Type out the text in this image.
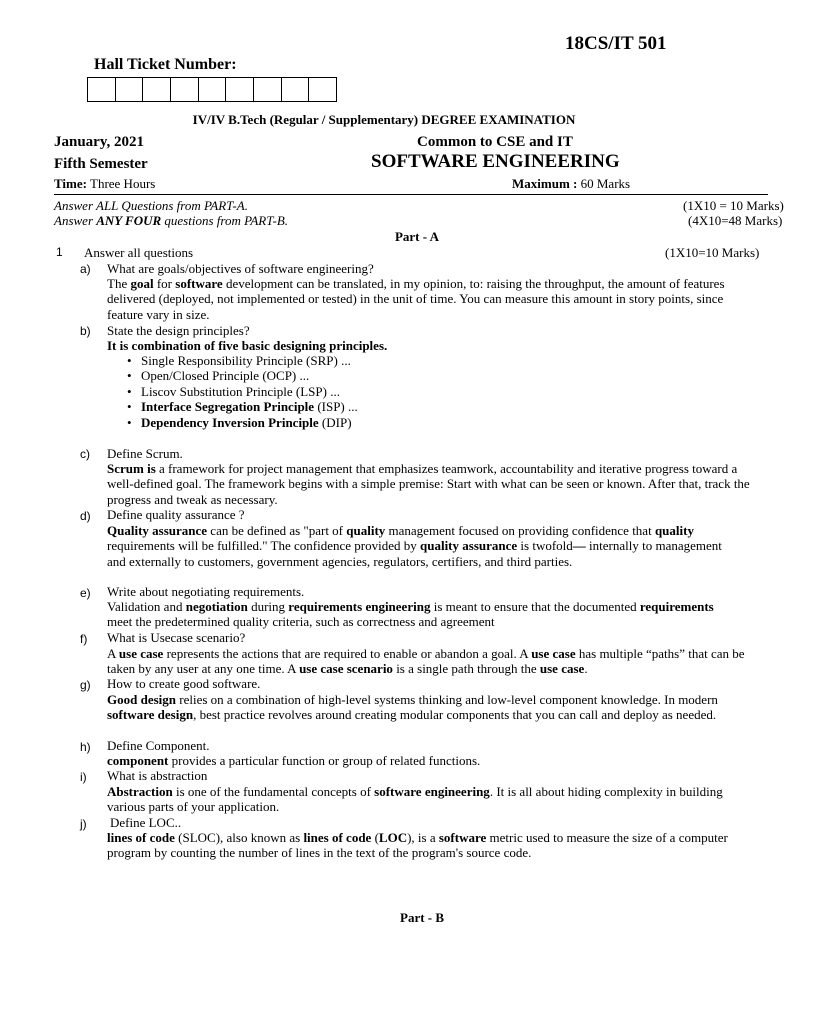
18CS/IT 501
Hall Ticket Number:
IV/IV B.Tech (Regular / Supplementary) DEGREE EXAMINATION
January, 2021	Common to CSE and IT
Fifth Semester	SOFTWARE ENGINEERING
Time: Three Hours	Maximum : 60 Marks
Answer ALL Questions from PART-A.	(1X10 = 10 Marks)
Answer ANY FOUR questions from PART-B.	(4X10=48 Marks)
Part - A
1 Answer all questions	(1X10=10 Marks)
a) What are goals/objectives of software engineering?
The goal for software development can be translated, in my opinion, to: raising the throughput, the amount of features delivered (deployed, not implemented or tested) in the unit of time. You can measure this amount in story points, since feature vary in size.
b) State the design principles?
It is combination of five basic designing principles.
• Single Responsibility Principle (SRP) ...
• Open/Closed Principle (OCP) ...
• Liscov Substitution Principle (LSP) ...
• Interface Segregation Principle (ISP) ...
• Dependency Inversion Principle (DIP)
c) Define Scrum.
Scrum is a framework for project management that emphasizes teamwork, accountability and iterative progress toward a well-defined goal. The framework begins with a simple premise: Start with what can be seen or known. After that, track the progress and tweak as necessary.
d) Define quality assurance ?
Quality assurance can be defined as "part of quality management focused on providing confidence that quality requirements will be fulfilled." The confidence provided by quality assurance is twofold— internally to management and externally to customers, government agencies, regulators, certifiers, and third parties.
e) Write about negotiating requirements.
Validation and negotiation during requirements engineering is meant to ensure that the documented requirements meet the predetermined quality criteria, such as correctness and agreement
f) What is Usecase scenario?
A use case represents the actions that are required to enable or abandon a goal. A use case has multiple “paths” that can be taken by any user at any one time. A use case scenario is a single path through the use case.
g) How to create good software.
Good design relies on a combination of high-level systems thinking and low-level component knowledge. In modern software design, best practice revolves around creating modular components that you can call and deploy as needed.
h) Define Component.
component provides a particular function or group of related functions.
i) What is abstraction
Abstraction is one of the fundamental concepts of software engineering. It is all about hiding complexity in building various parts of your application.
j) Define LOC..
lines of code (SLOC), also known as lines of code (LOC), is a software metric used to measure the size of a computer program by counting the number of lines in the text of the program's source code.
Part - B
